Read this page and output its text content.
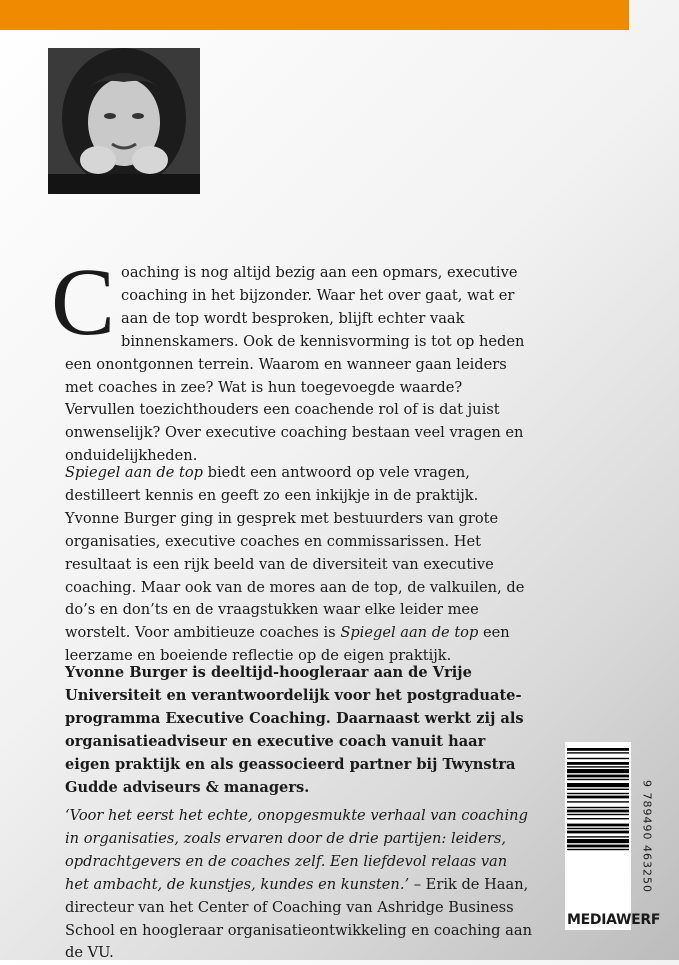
Coaching is nog altijd bezig aan een opmars, executive coaching in het bijzonder. Waar het over gaat, wat er aan de top wordt besproken, blijft echter vaak binnenskamers. Ook de kennisvorming is tot op heden een onontgonnen terrein. Waarom en wanneer gaan leiders met coaches in zee? Wat is hun toegevoegde waarde? Vervullen toezichthouders een coachende rol of is dat juist onwenselijk? Over executive coaching bestaan veel vragen en onduidelijkheden.
Spiegel aan de top biedt een antwoord op vele vragen, destilleert kennis en geeft zo een inkijkje in de praktijk. Yvonne Burger ging in gesprek met bestuurders van grote organisaties, executive coaches en commissarissen. Het resultaat is een rijk beeld van de diversiteit van executive coaching. Maar ook van de mores aan de top, de valkuilen, de do’s en don’ts en de vraagstukken waar elke leider mee worstelt. Voor ambitieuze coaches is Spiegel aan de top een leerzame en boeiende reflectie op de eigen praktijk.
Yvonne Burger is deeltijd-hoogleraar aan de Vrije Universiteit en verantwoordelijk voor het postgraduate-programma Executive Coaching. Daarnaast werkt zij als organisatieadviseur en executive coach vanuit haar eigen praktijk en als geassocieerd partner bij Twynstra Gudde adviseurs & managers.
‘Voor het eerst het echte, onopgesmukte verhaal van coaching in organisaties, zoals ervaren door de drie partijen: leiders, opdrachtgevers en de coaches zelf. Een liefdevol relaas van het ambacht, de kunstjes, kundes en kunsten.’ – Erik de Haan, directeur van het Center of Coaching van Ashridge Business School en hoogleraar organisatieontwikkeling en coaching aan de VU.
9 789490 463250
MEDIAWERF
